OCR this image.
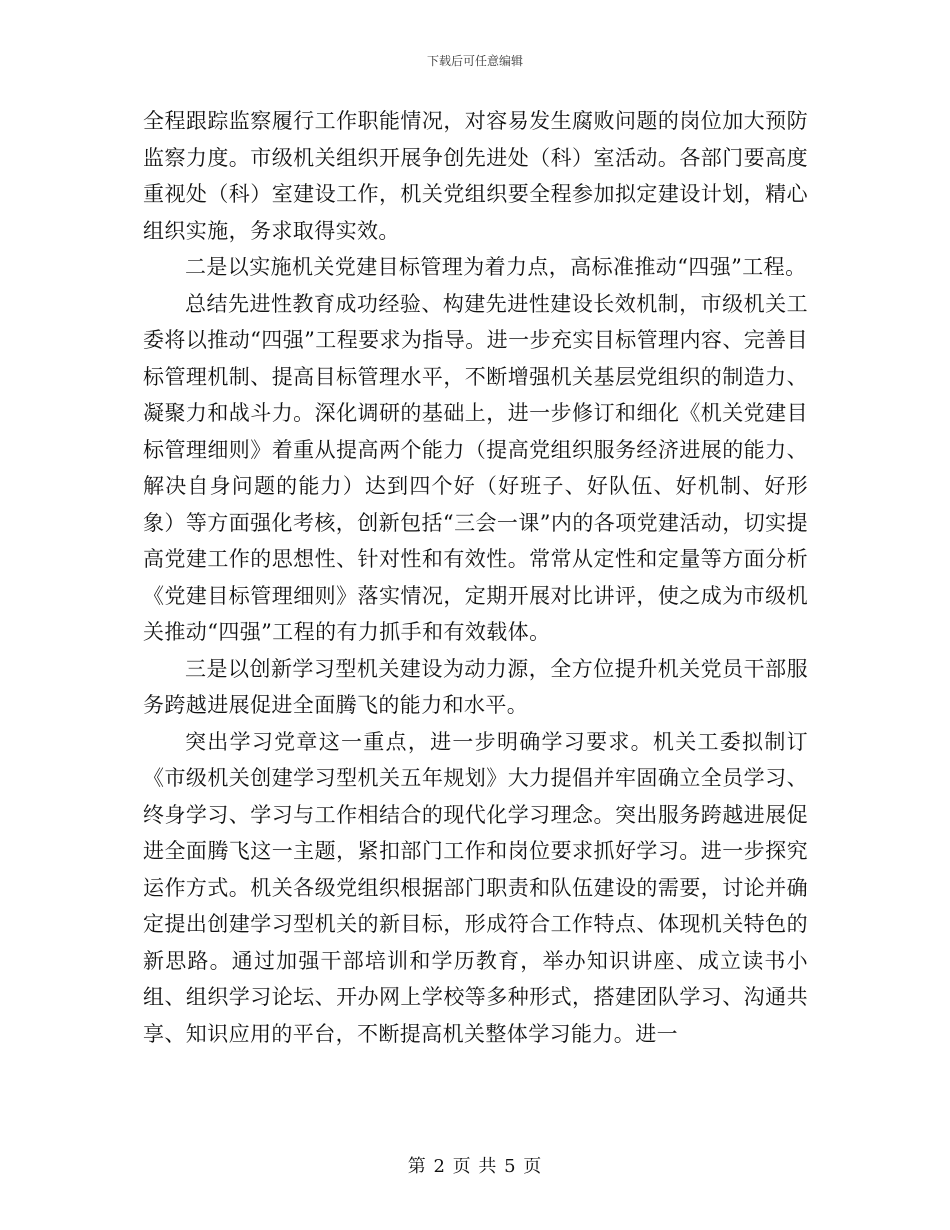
下载后可任意编辑

全程跟踪监察履行工作职能情况，对容易发生腐败问题的岗位加大预防监察力度。市级机关组织开展争创先进处（科）室活动。各部门要高度重视处（科）室建设工作，机关党组织要全程参加拟定建设计划，精心组织实施，务求取得实效。

二是以实施机关党建目标管理为着力点，高标准推动“四强”工程。

总结先进性教育成功经验、构建先进性建设长效机制，市级机关工委将以推动“四强”工程要求为指导。进一步充实目标管理内容、完善目标管理机制、提高目标管理水平，不断增强机关基层党组织的制造力、凝聚力和战斗力。深化调研的基础上，进一步修订和细化《机关党建目标管理细则》着重从提高两个能力（提高党组织服务经济进展的能力、解决自身问题的能力）达到四个好（好班子、好队伍、好机制、好形象）等方面强化考核，创新包括“三会一课”内的各项党建活动，切实提高党建工作的思想性、针对性和有效性。常常从定性和定量等方面分析《党建目标管理细则》落实情况，定期开展对比讲评，使之成为市级机关推动“四强”工程的有力抓手和有效载体。

三是以创新学习型机关建设为动力源，全方位提升机关党员干部服务跨越进展促进全面腾飞的能力和水平。

突出学习党章这一重点，进一步明确学习要求。机关工委拟制订《市级机关创建学习型机关五年规划》大力提倡并牢固确立全员学习、终身学习、学习与工作相结合的现代化学习理念。突出服务跨越进展促进全面腾飞这一主题，紧扣部门工作和岗位要求抓好学习。进一步探究运作方式。机关各级党组织根据部门职责和队伍建设的需要，讨论并确定提出创建学习型机关的新目标，形成符合工作特点、体现机关特色的新思路。通过加强干部培训和学历教育，举办知识讲座、成立读书小组、组织学习论坛、开办网上学校等多种形式，搭建团队学习、沟通共享、知识应用的平台，不断提高机关整体学习能力。进一

第 2 页 共 5 页
